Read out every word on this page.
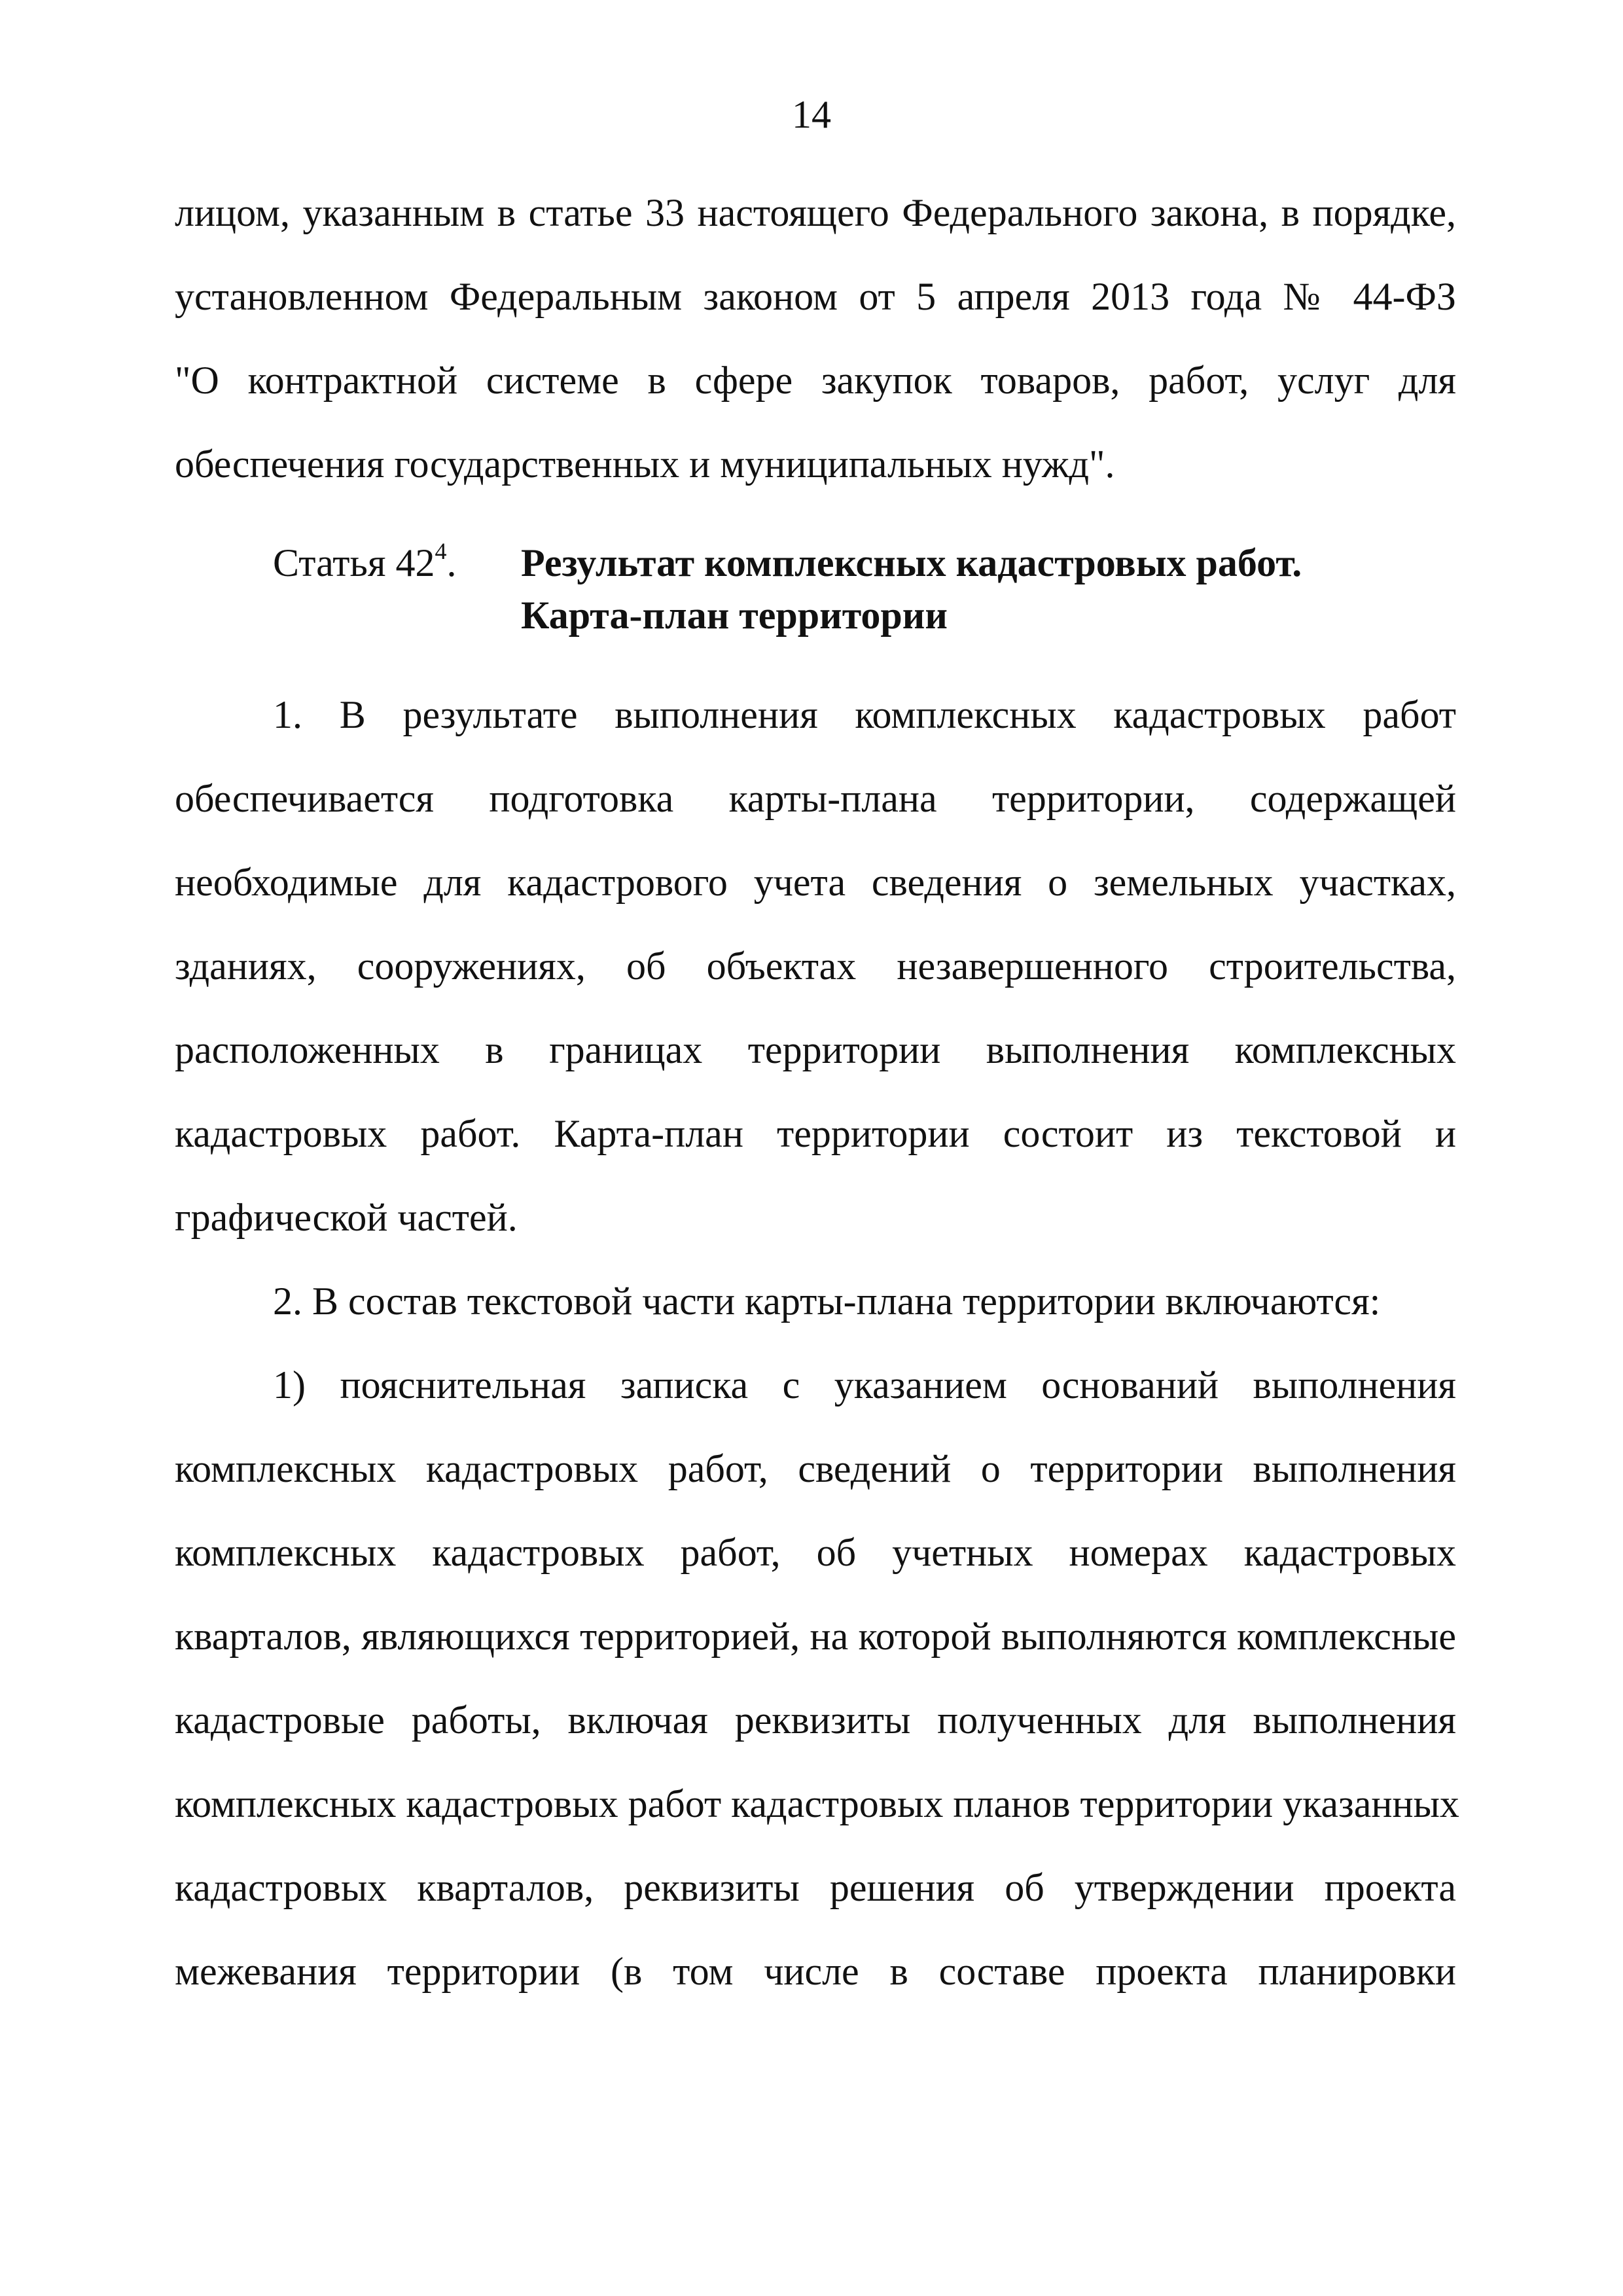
14
лицом, указанным в статье 33 настоящего Федерального закона, в порядке,
установленном Федеральным законом от 5 апреля 2013 года № 44-ФЗ
"О контрактной системе в сфере закупок товаров, работ, услуг для
обеспечения государственных и муниципальных нужд".
Статья $42^4$. Результат комплексных кадастровых работ.
Карта-план территории
1. В результате выполнения комплексных кадастровых работ
обеспечивается подготовка карты-плана территории, содержащей
необходимые для кадастрового учета сведения о земельных участках,
зданиях, сооружениях, об объектах незавершенного строительства,
расположенных в границах территории выполнения комплексных
кадастровых работ. Карта-план территории состоит из текстовой и
графической частей.
2. В состав текстовой части карты-плана территории включаются:
1) пояснительная записка с указанием оснований выполнения
комплексных кадастровых работ, сведений о территории выполнения
комплексных кадастровых работ, об учетных номерах кадастровых
кварталов, являющихся территорией, на которой выполняются комплексные
кадастровые работы, включая реквизиты полученных для выполнения
комплексных кадастровых работ кадастровых планов территории указанных
кадастровых кварталов, реквизиты решения об утверждении проекта
межевания территории (в том числе в составе проекта планировки
